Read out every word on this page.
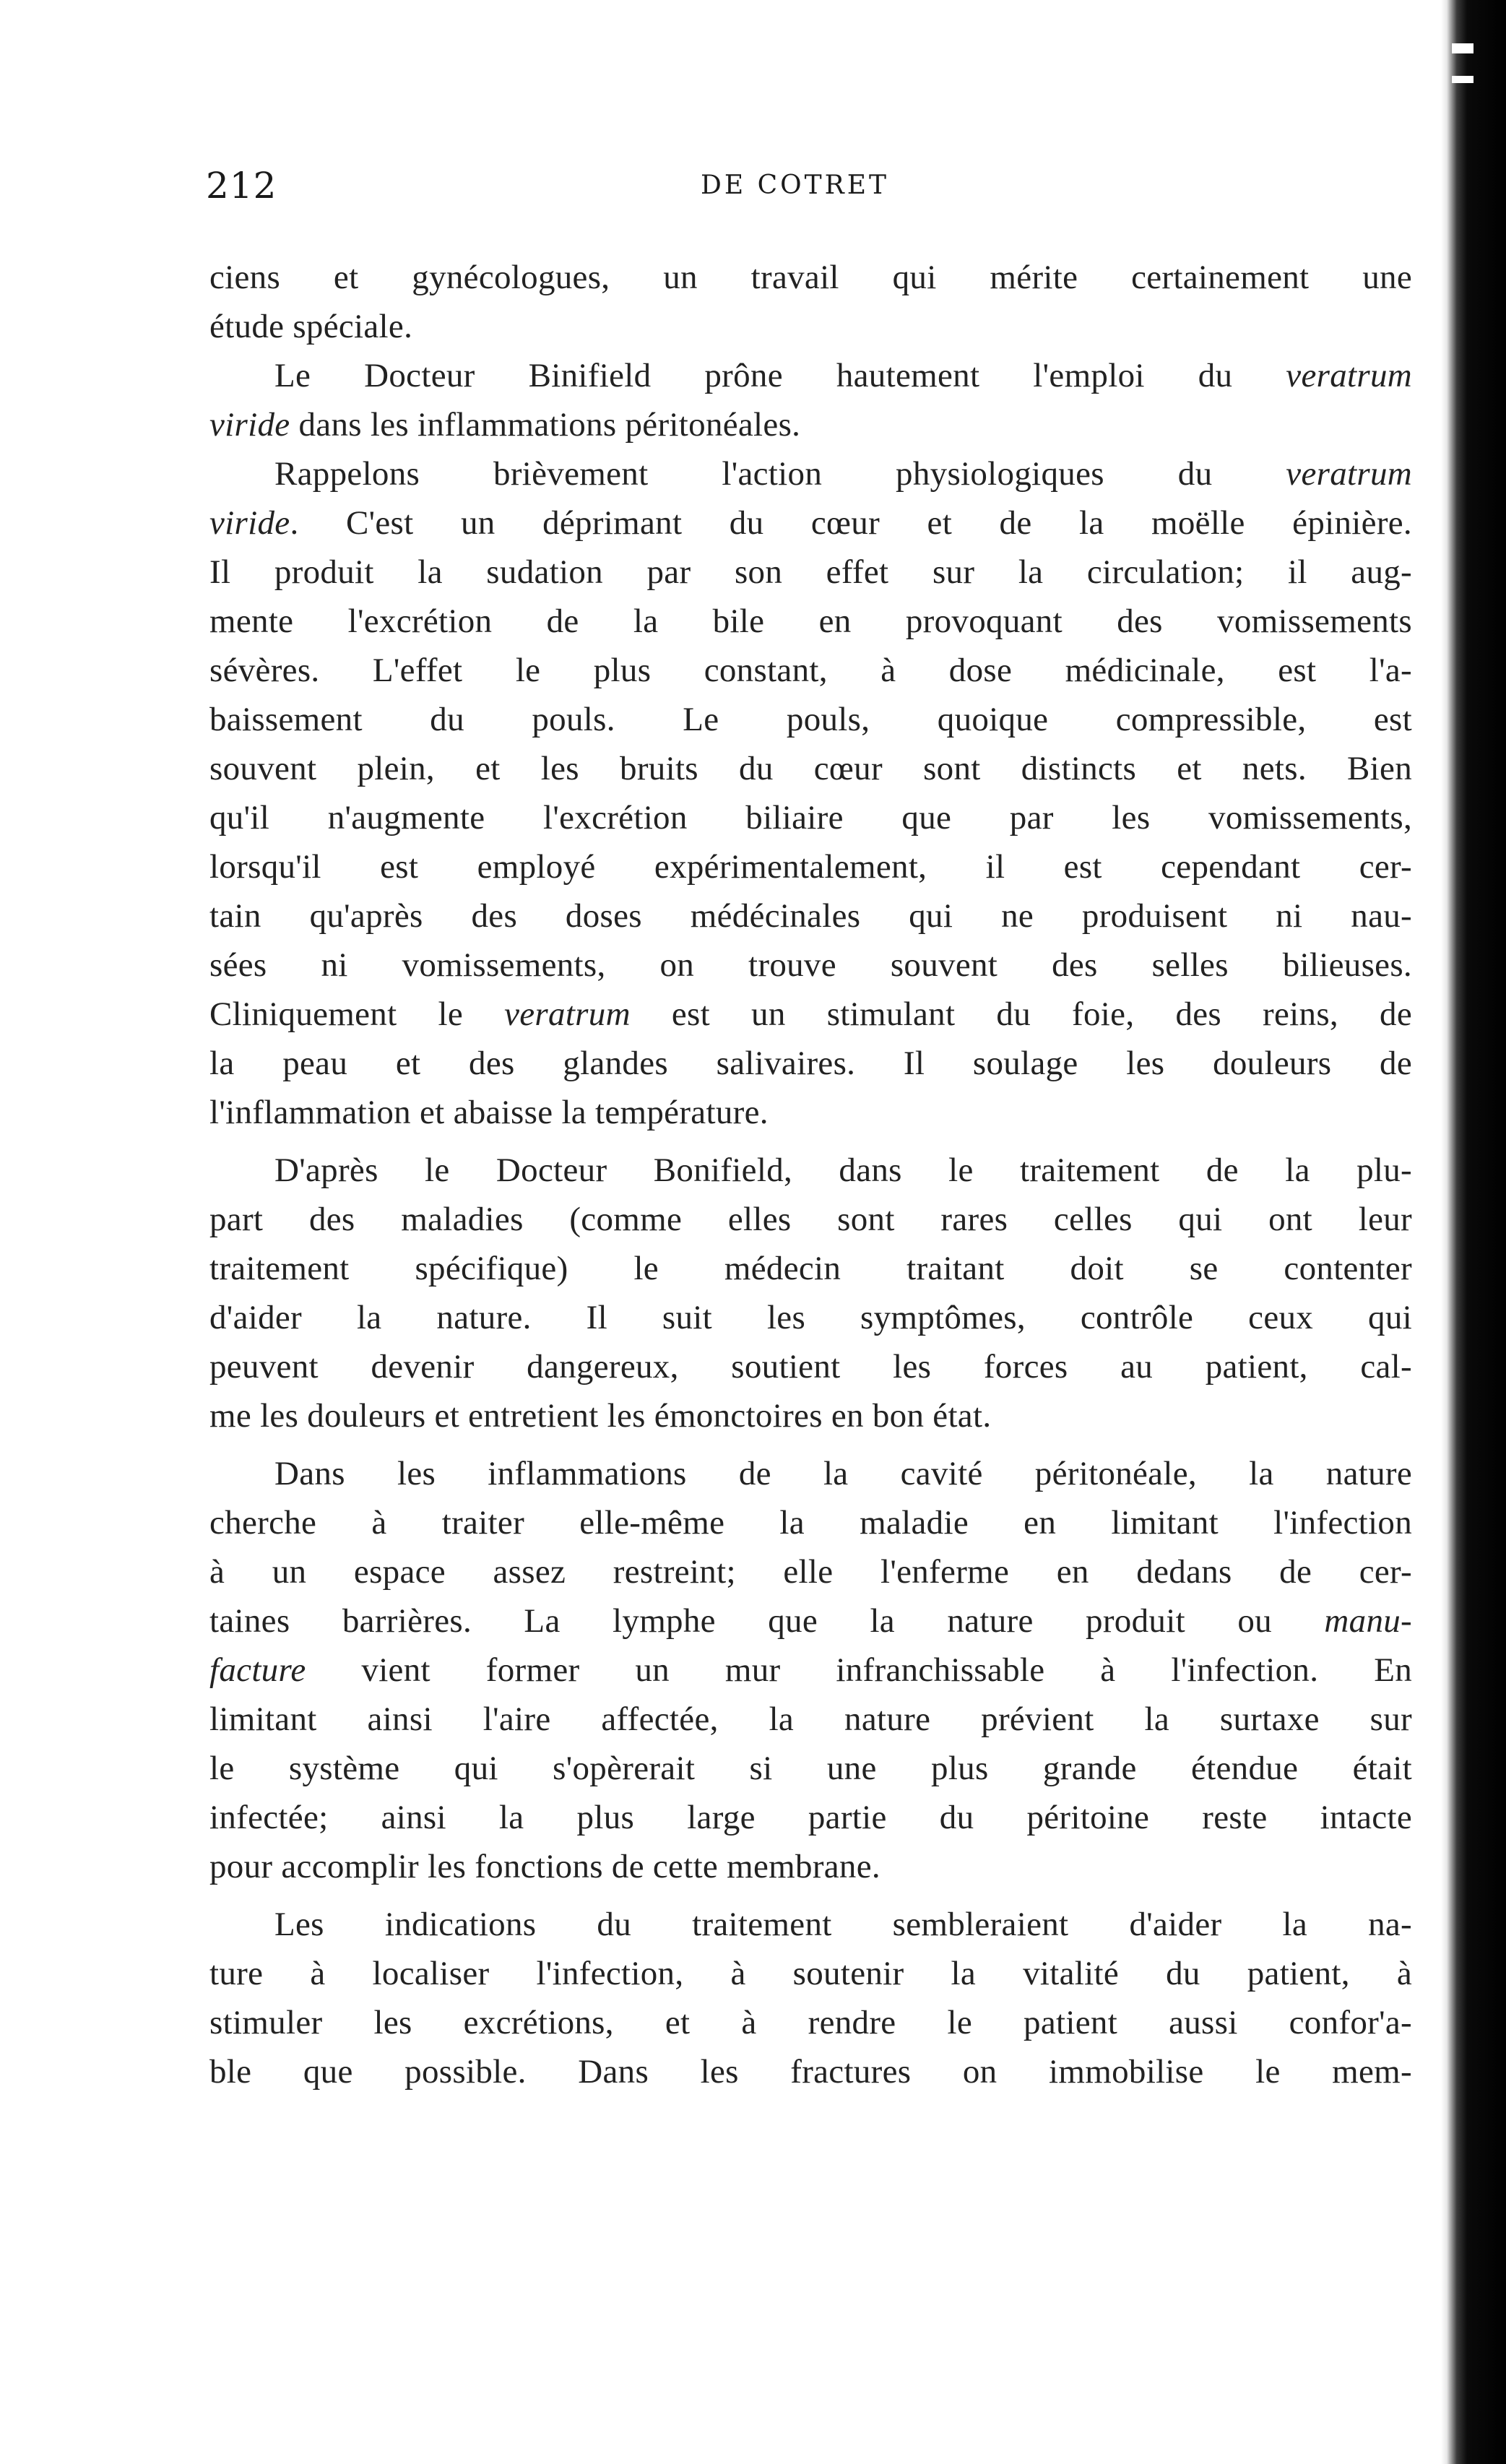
212	DE COTRET
ciens et gynécologues, un travail qui mérite certainement une
étude spéciale.
Le Docteur Binifield prône hautement l'emploi du veratrum
viride dans les inflammations péritonéales.
Rappelons brièvement l'action physiologiques du veratrum
viride. C'est un déprimant du cœur et de la moëlle épinière.
Il produit la sudation par son effet sur la circulation; il aug-
mente l'excrétion de la bile en provoquant des vomissements
sévères. L'effet le plus constant, à dose médicinale, est l'a-
baissement du pouls. Le pouls, quoique compressible, est
souvent plein, et les bruits du cœur sont distincts et nets. Bien
qu'il n'augmente l'excrétion biliaire que par les vomissements,
lorsqu'il est employé expérimentalement, il est cependant cer-
tain qu'après des doses médécinales qui ne produisent ni nau-
sées ni vomissements, on trouve souvent des selles bilieuses.
Cliniquement le veratrum est un stimulant du foie, des reins, de
la peau et des glandes salivaires. Il soulage les douleurs de
l'inflammation et abaisse la température.
D'après le Docteur Bonifield, dans le traitement de la plu-
part des maladies (comme elles sont rares celles qui ont leur
traitement spécifique) le médecin traitant doit se contenter
d'aider la nature. Il suit les symptômes, contrôle ceux qui
peuvent devenir dangereux, soutient les forces au patient, cal-
me les douleurs et entretient les émonctoires en bon état.
Dans les inflammations de la cavité péritonéale, la nature
cherche à traiter elle-même la maladie en limitant l'infection
à un espace assez restreint; elle l'enferme en dedans de cer-
taines barrières. La lymphe que la nature produit ou manu-
facture vient former un mur infranchissable à l'infection. En
limitant ainsi l'aire affectée, la nature prévient la surtaxe sur
le système qui s'opèrerait si une plus grande étendue était
infectée; ainsi la plus large partie du péritoine reste intacte
pour accomplir les fonctions de cette membrane.
Les indications du traitement sembleraient d'aider la na-
ture à localiser l'infection, à soutenir la vitalité du patient, à
stimuler les excrétions, et à rendre le patient aussi confor'a-
ble que possible. Dans les fractures on immobilise le mem-
